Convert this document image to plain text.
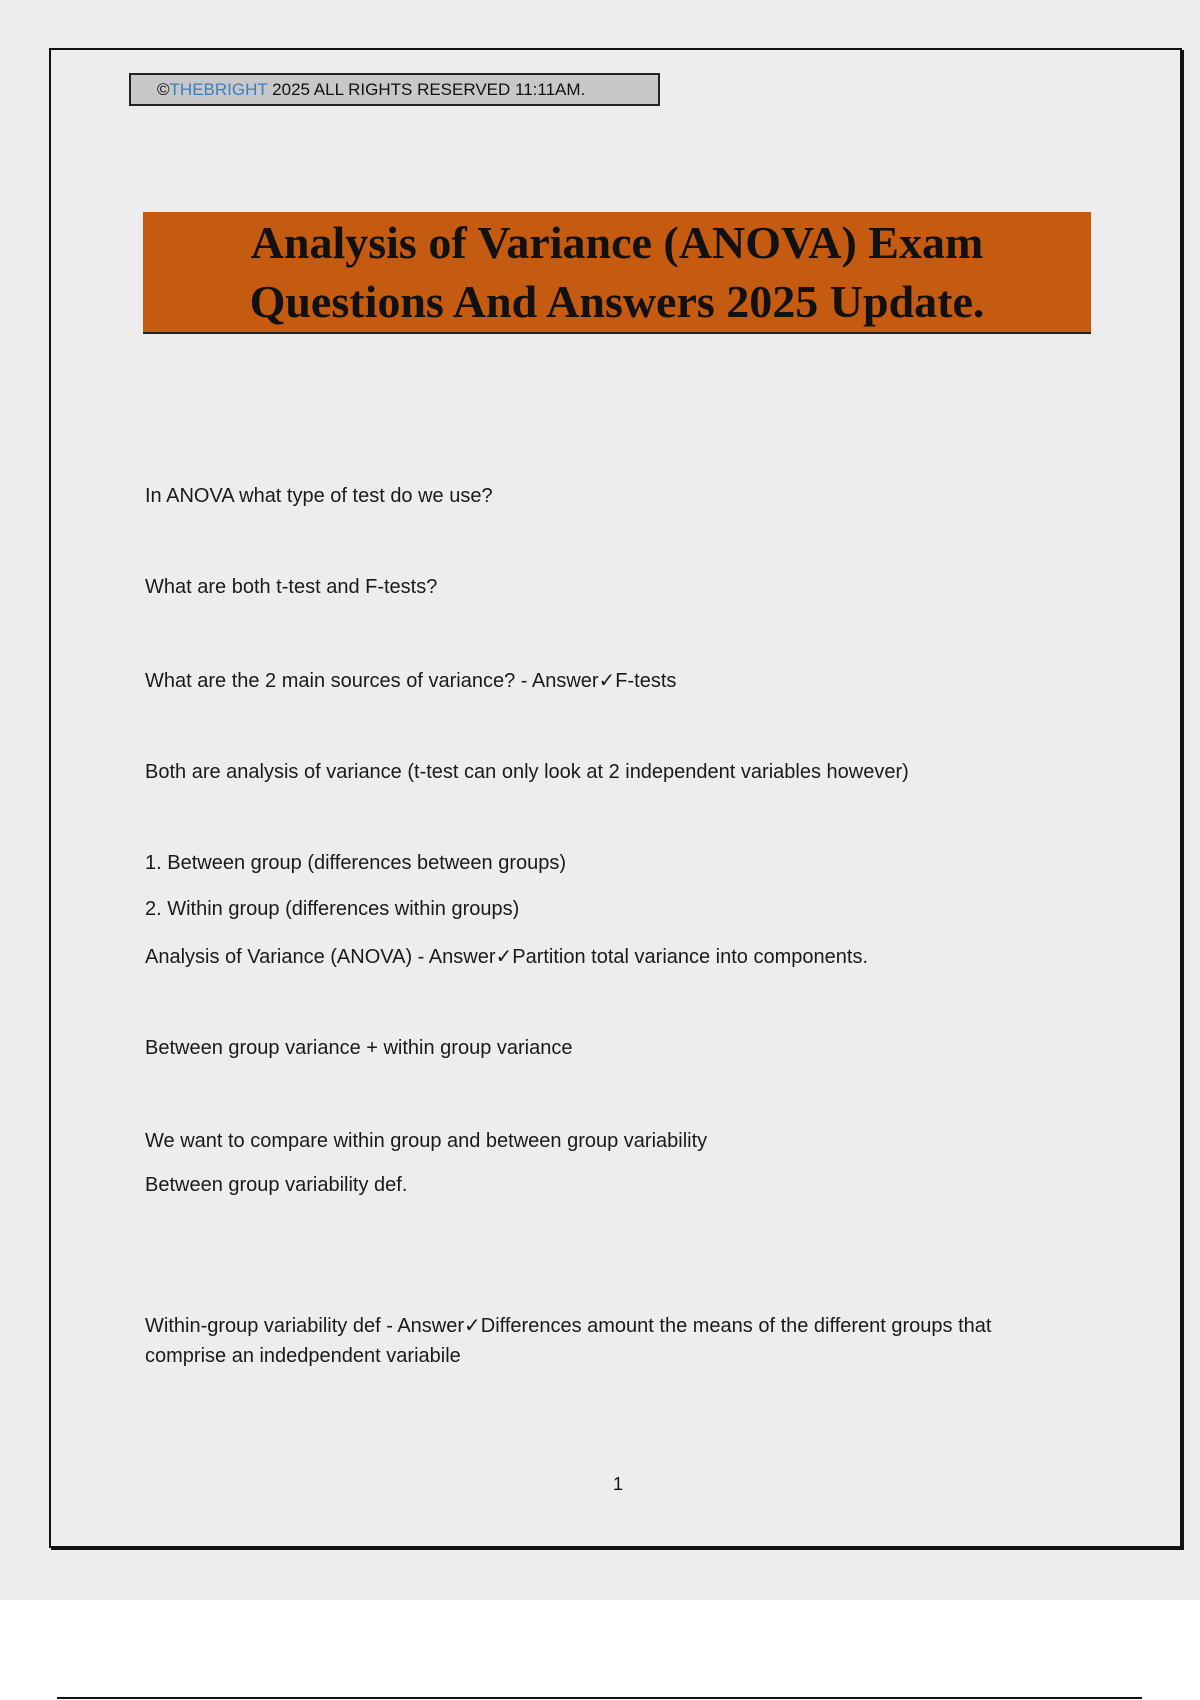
©THEBRIGHT 2025 ALL RIGHTS RESERVED 11:11AM.
Analysis of Variance (ANOVA) Exam
Questions And Answers 2025 Update.
In ANOVA what type of test do we use?
What are both t-test and F-tests?
What are the 2 main sources of variance? - Answer✓F-tests
Both are analysis of variance (t-test can only look at 2 independent variables however)
1. Between group (differences between groups)
2. Within group (differences within groups)
Analysis of Variance (ANOVA) - Answer✓Partition total variance into components.
Between group variance + within group variance
We want to compare within group and between group variability
Between group variability def.
Within-group variability def - Answer✓Differences amount the means of the different groups that comprise an indedpendent variabile
1
